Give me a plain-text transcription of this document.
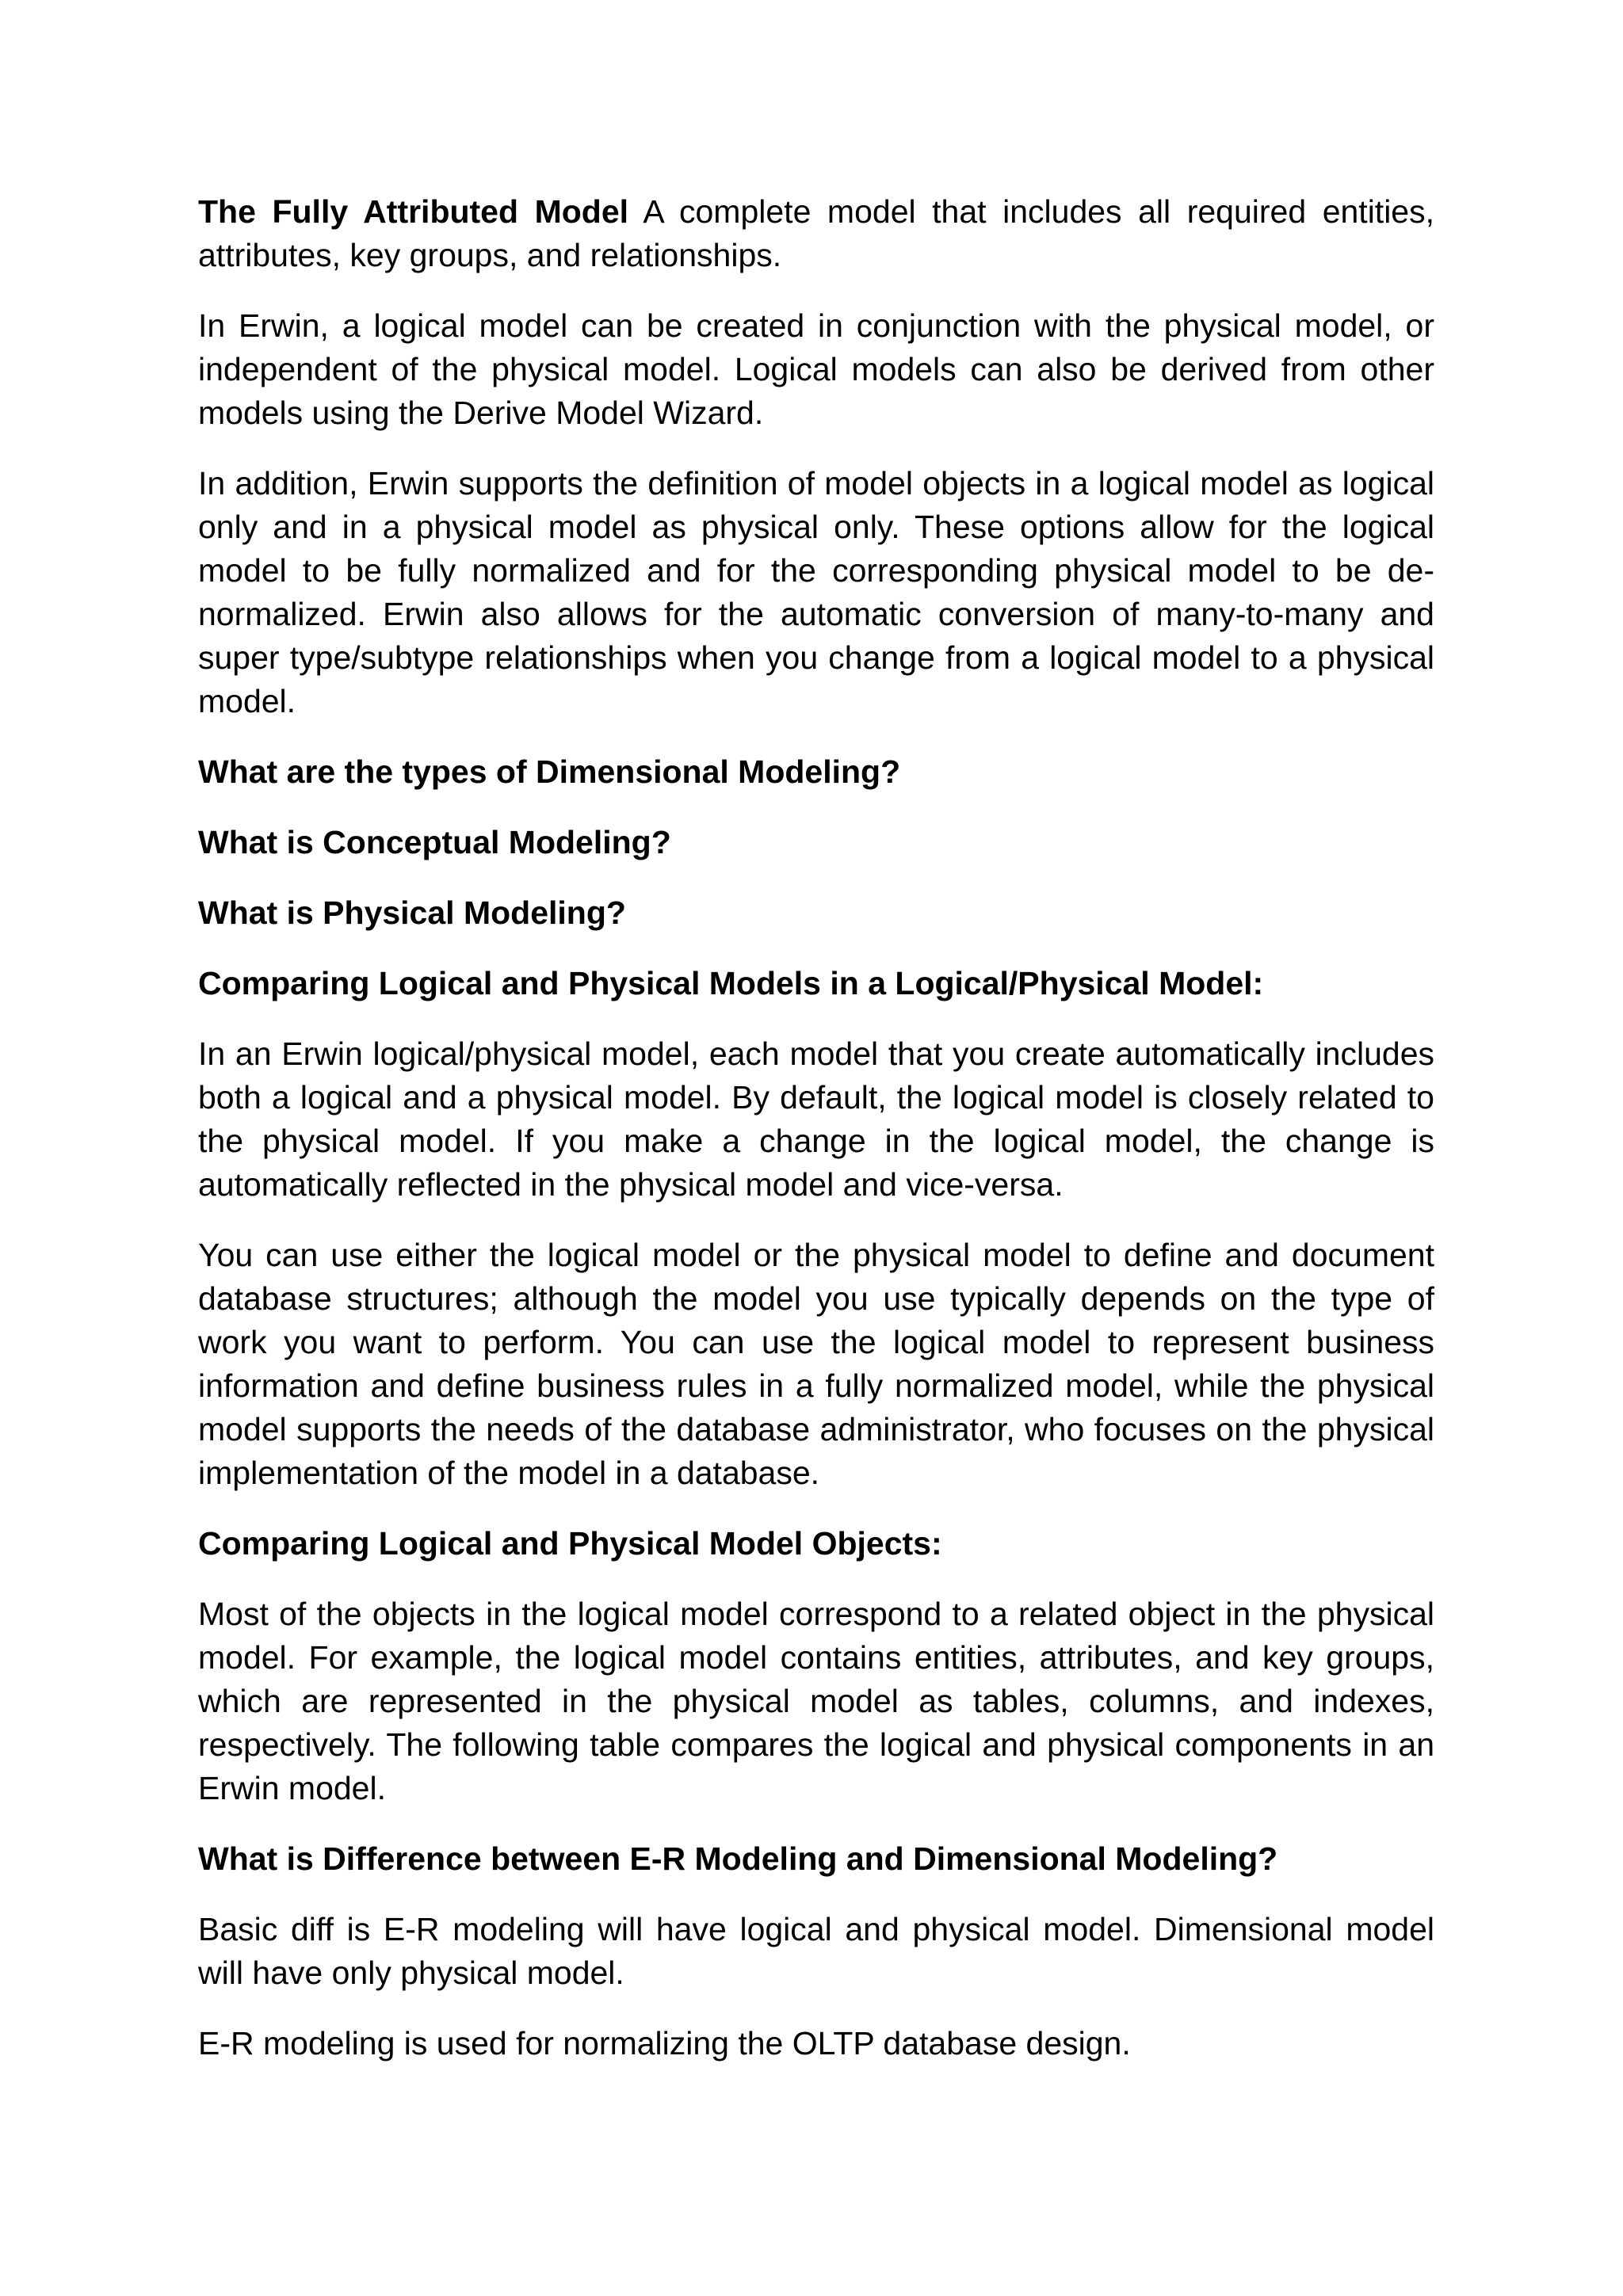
The Fully Attributed Model A complete model that includes all required entities, attributes, key groups, and relationships.

In Erwin, a logical model can be created in conjunction with the physical model, or independent of the physical model. Logical models can also be derived from other models using the Derive Model Wizard.

In addition, Erwin supports the definition of model objects in a logical model as logical only and in a physical model as physical only. These options allow for the logical model to be fully normalized and for the corresponding physical model to be de-normalized. Erwin also allows for the automatic conversion of many-to-many and super type/subtype relationships when you change from a logical model to a physical model.

What are the types of Dimensional Modeling?

What is Conceptual Modeling?

What is Physical Modeling?

Comparing Logical and Physical Models in a Logical/Physical Model:

In an Erwin logical/physical model, each model that you create automatically includes both a logical and a physical model. By default, the logical model is closely related to the physical model. If you make a change in the logical model, the change is automatically reflected in the physical model and vice-versa.

You can use either the logical model or the physical model to define and document database structures; although the model you use typically depends on the type of work you want to perform. You can use the logical model to represent business information and define business rules in a fully normalized model, while the physical model supports the needs of the database administrator, who focuses on the physical implementation of the model in a database.

Comparing Logical and Physical Model Objects:

Most of the objects in the logical model correspond to a related object in the physical model. For example, the logical model contains entities, attributes, and key groups, which are represented in the physical model as tables, columns, and indexes, respectively. The following table compares the logical and physical components in an Erwin model.

What is Difference between E-R Modeling and Dimensional Modeling?

Basic diff is E-R modeling will have logical and physical model. Dimensional model will have only physical model.

E-R modeling is used for normalizing the OLTP database design.
